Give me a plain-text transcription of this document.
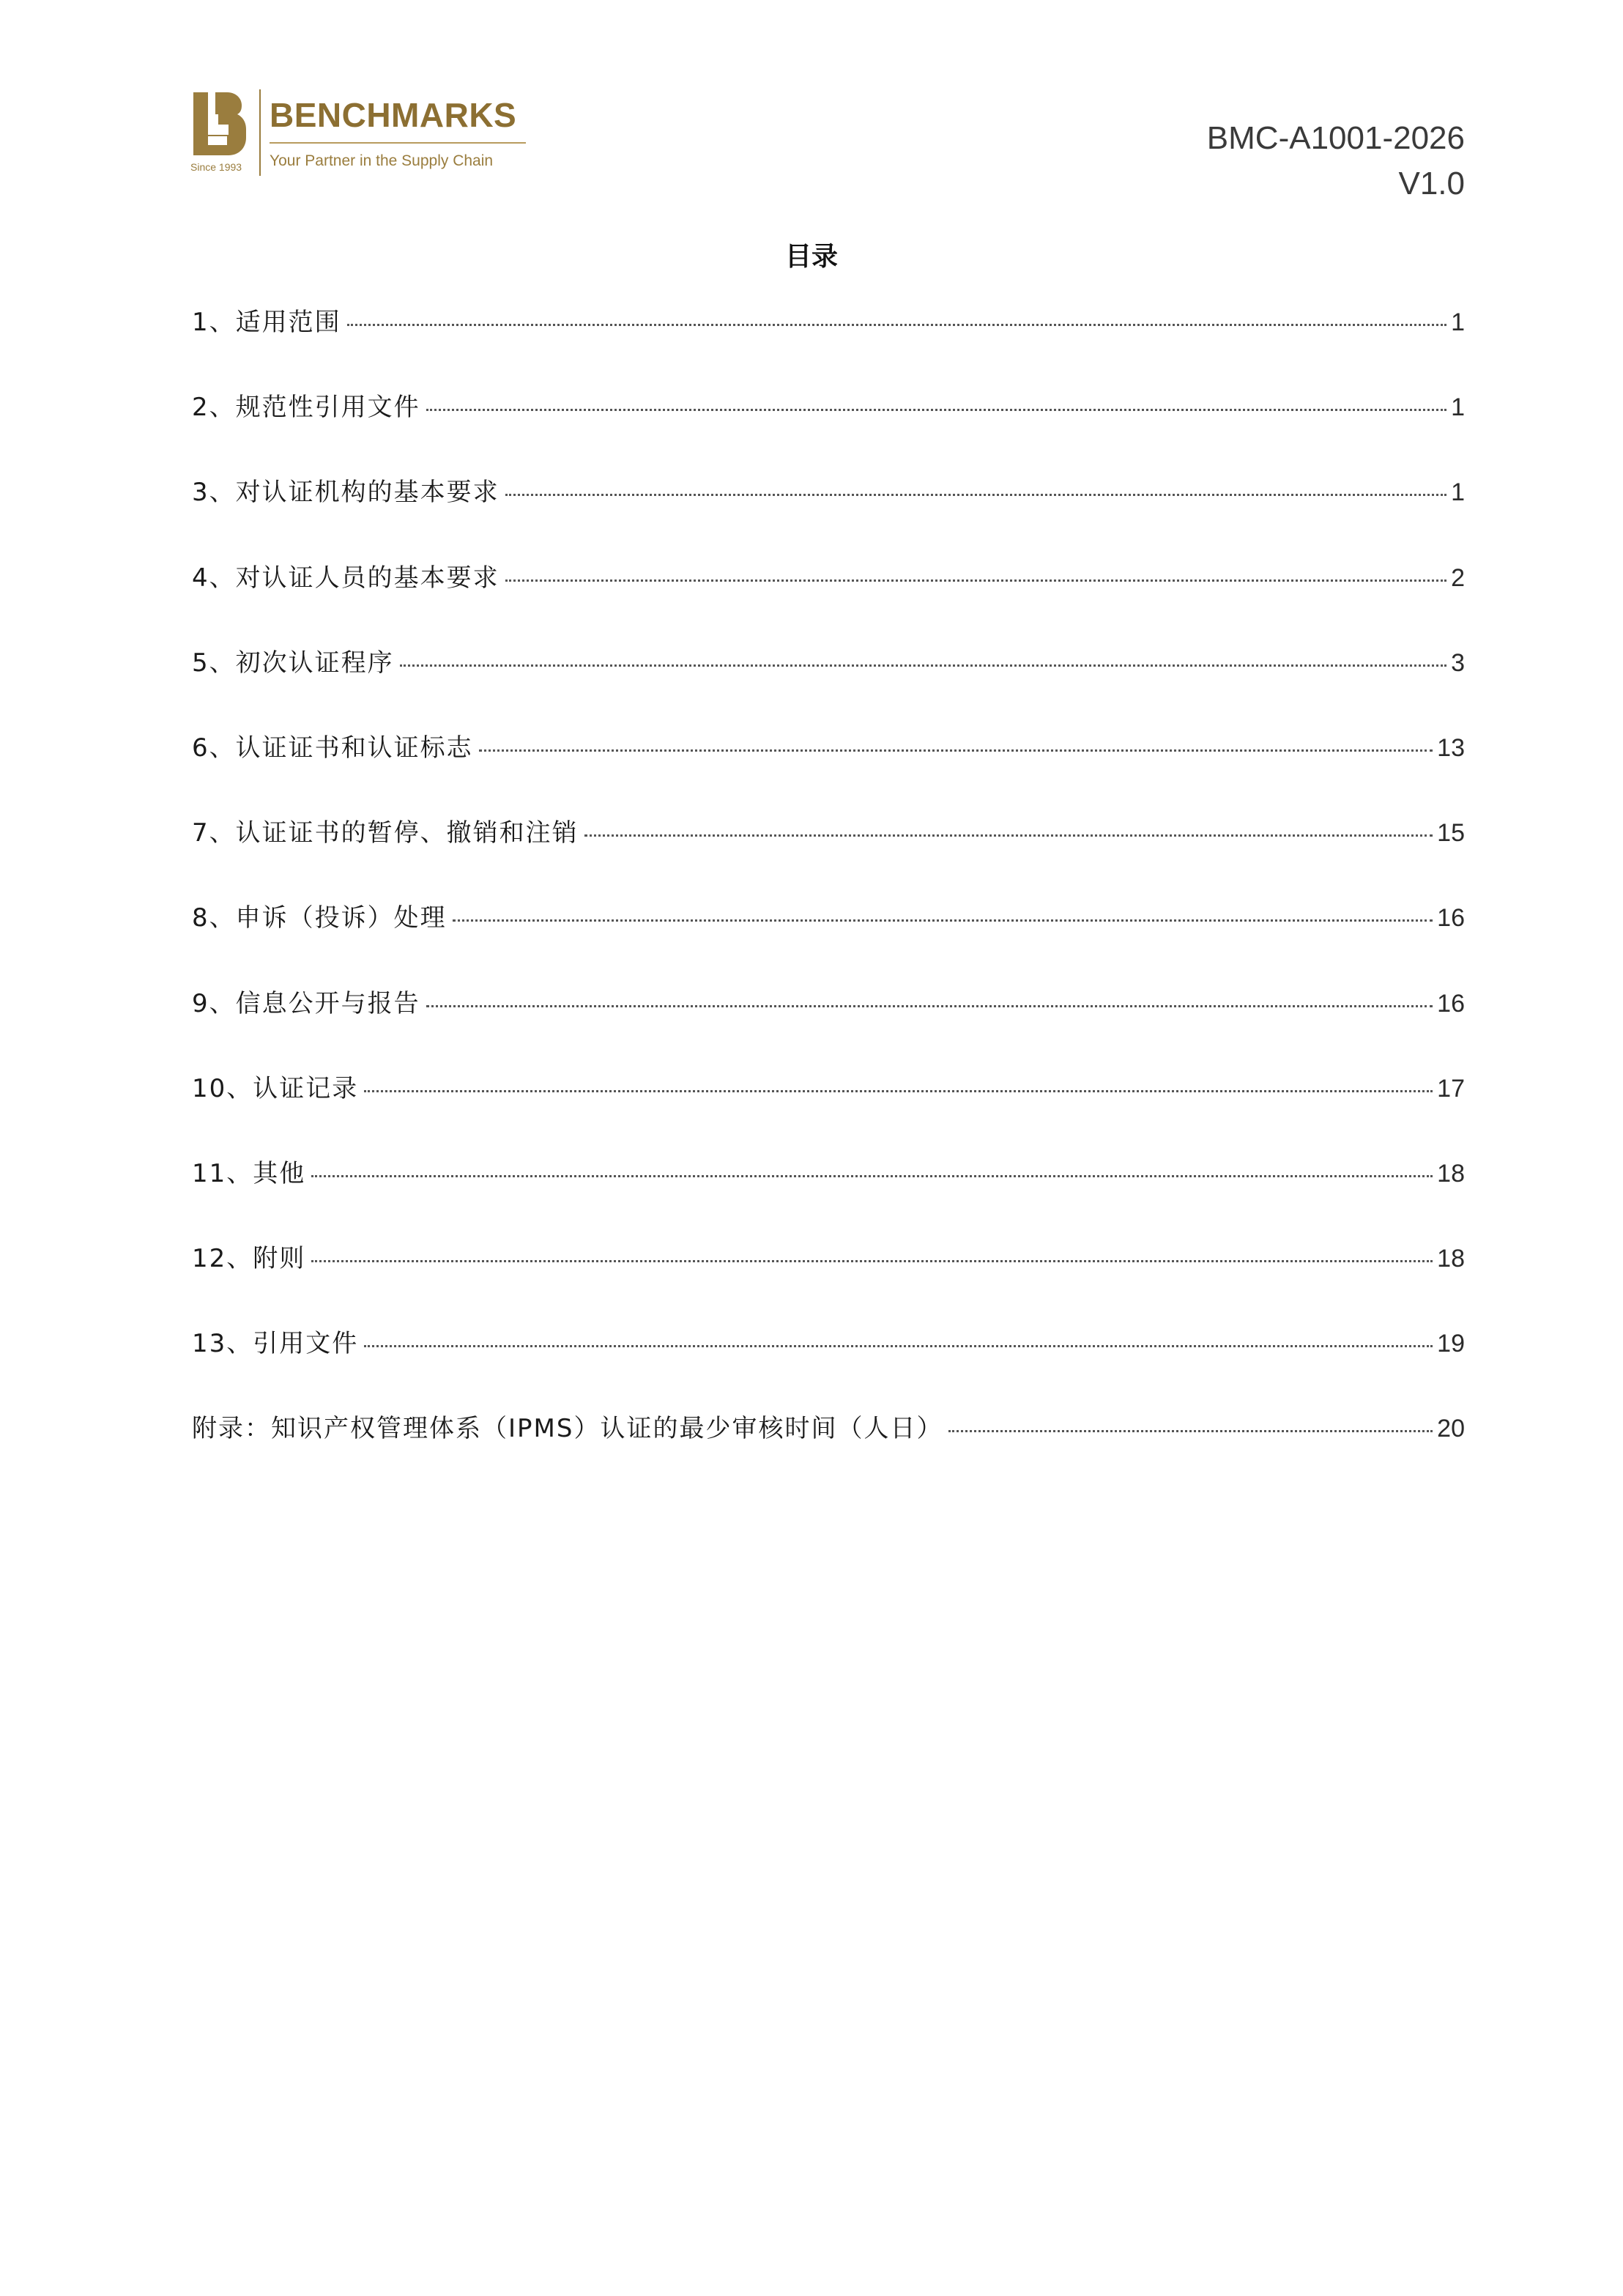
Since 1993
BENCHMARKS
Your Partner in the Supply Chain
BMC-A1001-2026
V1.0
目录
1、适用范围	1
2、规范性引用文件	1
3、对认证机构的基本要求	1
4、对认证人员的基本要求	2
5、初次认证程序	3
6、认证证书和认证标志	13
7、认证证书的暂停、撤销和注销	15
8、申诉（投诉）处理	16
9、信息公开与报告	16
10、认证记录	17
11、其他	18
12、附则	18
13、引用文件	19
附录：知识产权管理体系（IPMS）认证的最少审核时间（人日）	20
